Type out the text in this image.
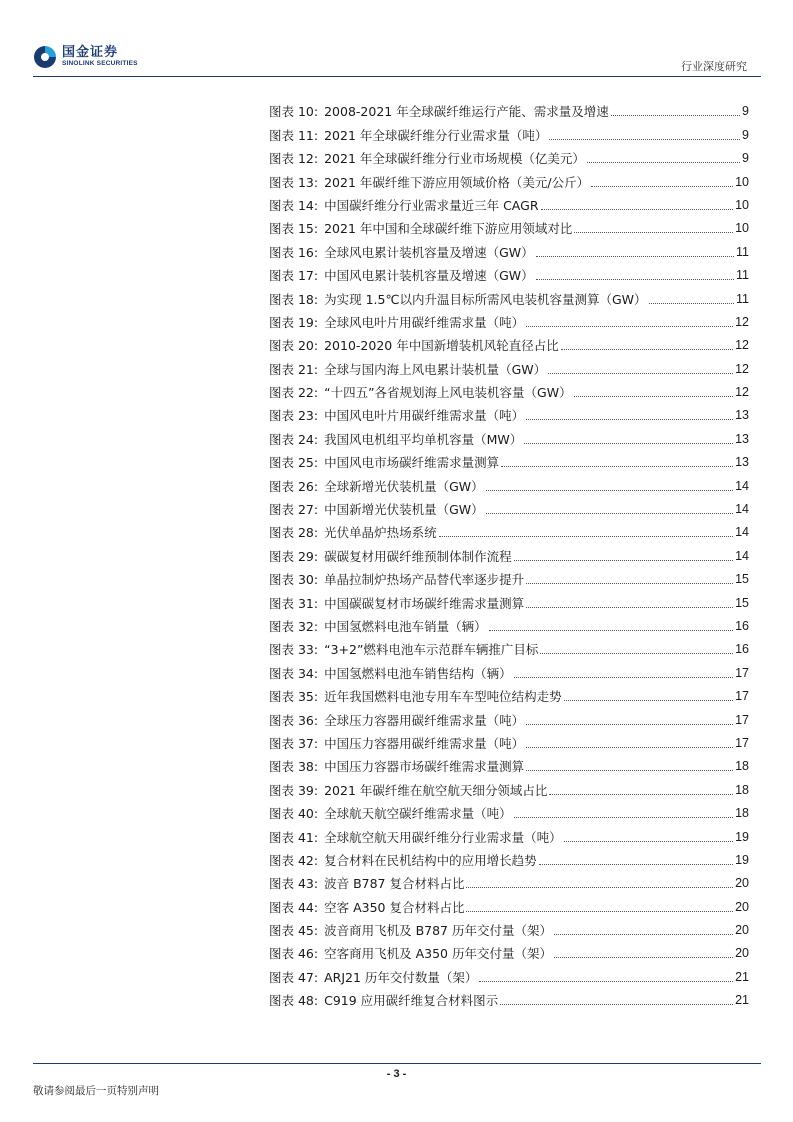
国金证券
SINOLINK SECURITIES	行业深度研究
图表 10: 2008-2021 年全球碳纤维运行产能、需求量及增速	9
图表 11: 2021 年全球碳纤维分行业需求量（吨）	9
图表 12: 2021 年全球碳纤维分行业市场规模（亿美元）	9
图表 13: 2021 年碳纤维下游应用领域价格（美元/公斤）	10
图表 14: 中国碳纤维分行业需求量近三年 CAGR	10
图表 15: 2021 年中国和全球碳纤维下游应用领域对比	10
图表 16: 全球风电累计装机容量及增速（GW）	11
图表 17: 中国风电累计装机容量及增速（GW）	11
图表 18: 为实现 1.5℃以内升温目标所需风电装机容量测算（GW）	11
图表 19: 全球风电叶片用碳纤维需求量（吨）	12
图表 20: 2010-2020 年中国新增装机风轮直径占比	12
图表 21: 全球与国内海上风电累计装机量（GW）	12
图表 22: “十四五”各省规划海上风电装机容量（GW）	12
图表 23: 中国风电叶片用碳纤维需求量（吨）	13
图表 24: 我国风电机组平均单机容量（MW）	13
图表 25: 中国风电市场碳纤维需求量测算	13
图表 26: 全球新增光伏装机量（GW）	14
图表 27: 中国新增光伏装机量（GW）	14
图表 28: 光伏单晶炉热场系统	14
图表 29: 碳碳复材用碳纤维预制体制作流程	14
图表 30: 单晶拉制炉热场产品替代率逐步提升	15
图表 31: 中国碳碳复材市场碳纤维需求量测算	15
图表 32: 中国氢燃料电池车销量（辆）	16
图表 33: “3+2”燃料电池车示范群车辆推广目标	16
图表 34: 中国氢燃料电池车销售结构（辆）	17
图表 35: 近年我国燃料电池专用车车型吨位结构走势	17
图表 36: 全球压力容器用碳纤维需求量（吨）	17
图表 37: 中国压力容器用碳纤维需求量（吨）	17
图表 38: 中国压力容器市场碳纤维需求量测算	18
图表 39: 2021 年碳纤维在航空航天细分领域占比	18
图表 40: 全球航天航空碳纤维需求量（吨）	18
图表 41: 全球航空航天用碳纤维分行业需求量（吨）	19
图表 42: 复合材料在民机结构中的应用增长趋势	19
图表 43: 波音 B787 复合材料占比	20
图表 44: 空客 A350 复合材料占比	20
图表 45: 波音商用飞机及 B787 历年交付量（架）	20
图表 46: 空客商用飞机及 A350 历年交付量（架）	20
图表 47: ARJ21 历年交付数量（架）	21
图表 48: C919 应用碳纤维复合材料图示	21
- 3 -
敬请参阅最后一页特别声明
